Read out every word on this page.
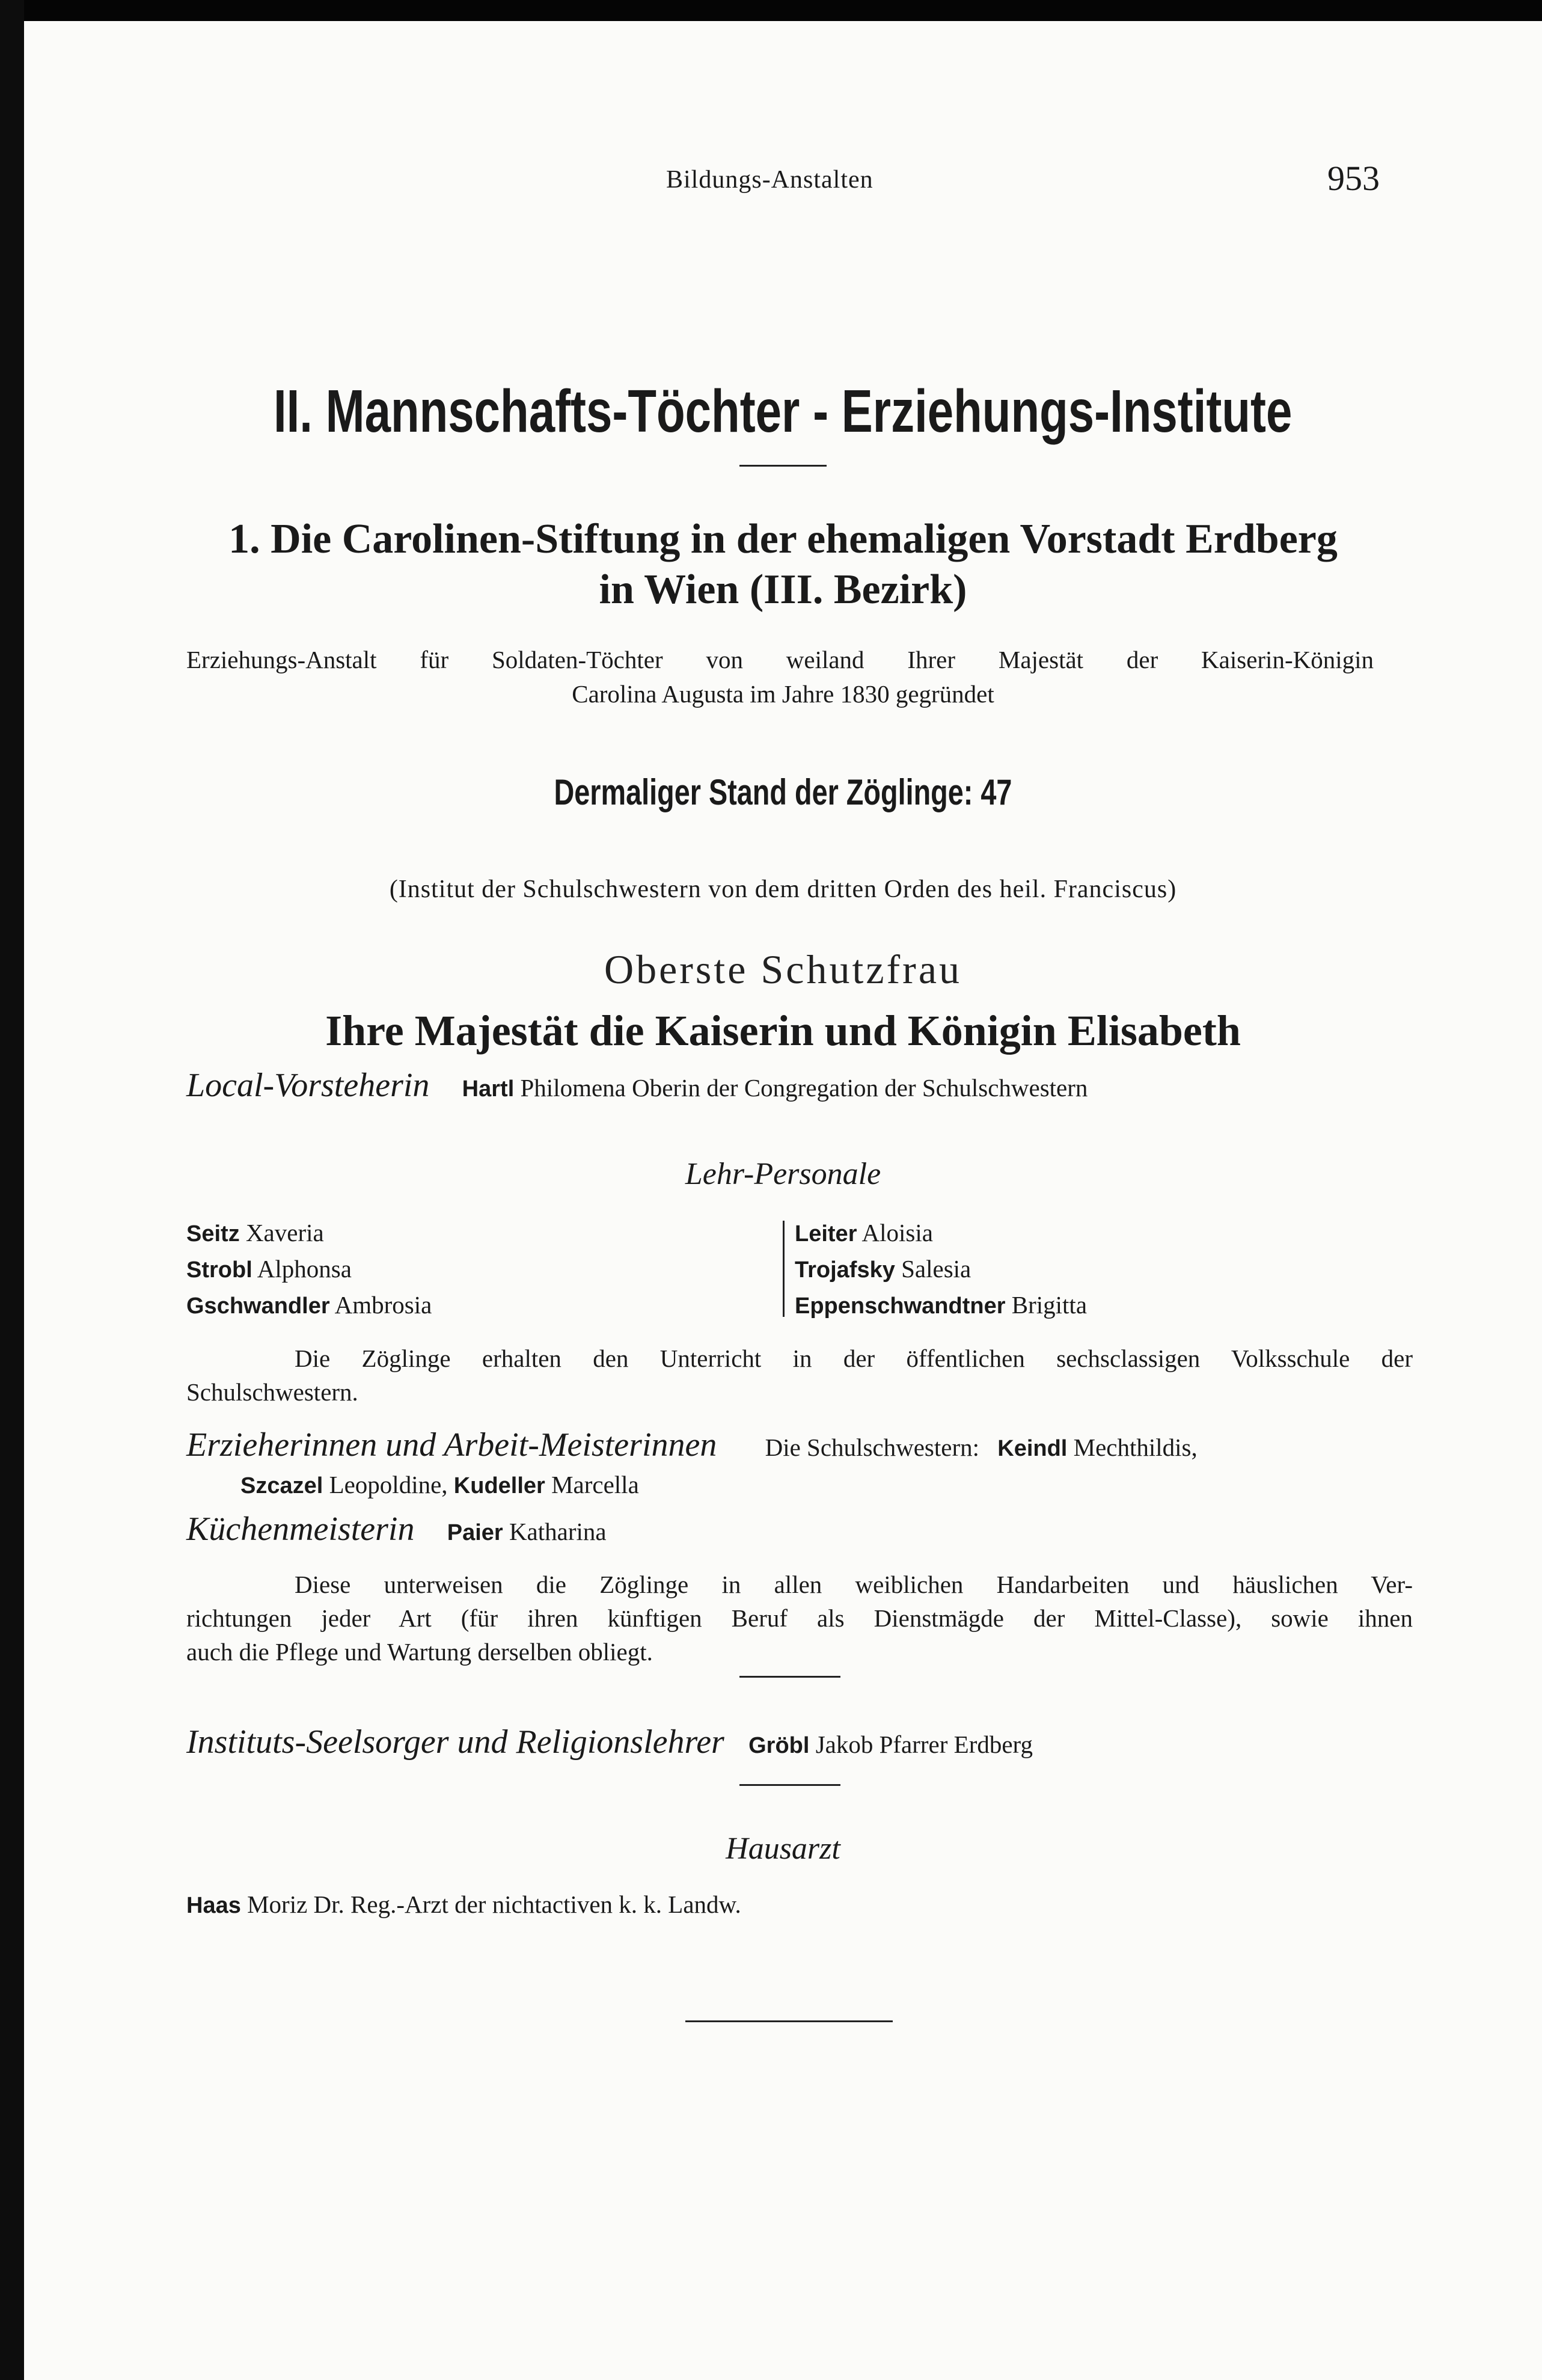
Bildungs-Anstalten	953
II. Mannschafts-Töchter - Erziehungs-Institute
1. Die Carolinen-Stiftung in der ehemaligen Vorstadt Erdberg
in Wien (III. Bezirk)
Erziehungs-Anstalt für Soldaten-Töchter von weiland Ihrer Majestät der Kaiserin-Königin
Carolina Augusta im Jahre 1830 gegründet
Dermaliger Stand der Zöglinge: 47
(Institut der Schulschwestern von dem dritten Orden des heil. Franciscus)
Oberste Schutzfrau
Ihre Majestät die Kaiserin und Königin Elisabeth
Local-Vorsteherin Hartl Philomena Oberin der Congregation der Schulschwestern
Lehr-Personale
Seitz Xaveria
Strobl Alphonsa
Gschwandler Ambrosia
Leiter Aloisia
Trojafsky Salesia
Eppenschwandtner Brigitta
Die Zöglinge erhalten den Unterricht in der öffentlichen sechsclassigen Volksschule der
Schulschwestern.
Erzieherinnen und Arbeit-Meisterinnen Die Schulschwestern: Keindl Mechthildis,
Szcazel Leopoldine, Kudeller Marcella
Küchenmeisterin Paier Katharina
Diese unterweisen die Zöglinge in allen weiblichen Handarbeiten und häuslichen Ver-
richtungen jeder Art (für ihren künftigen Beruf als Dienstmägde der Mittel-Classe), sowie ihnen
auch die Pflege und Wartung derselben obliegt.
Instituts-Seelsorger und Religionslehrer Gröbl Jakob Pfarrer Erdberg
Hausarzt
Haas Moriz Dr. Reg.-Arzt der nichtactiven k. k. Landw.
